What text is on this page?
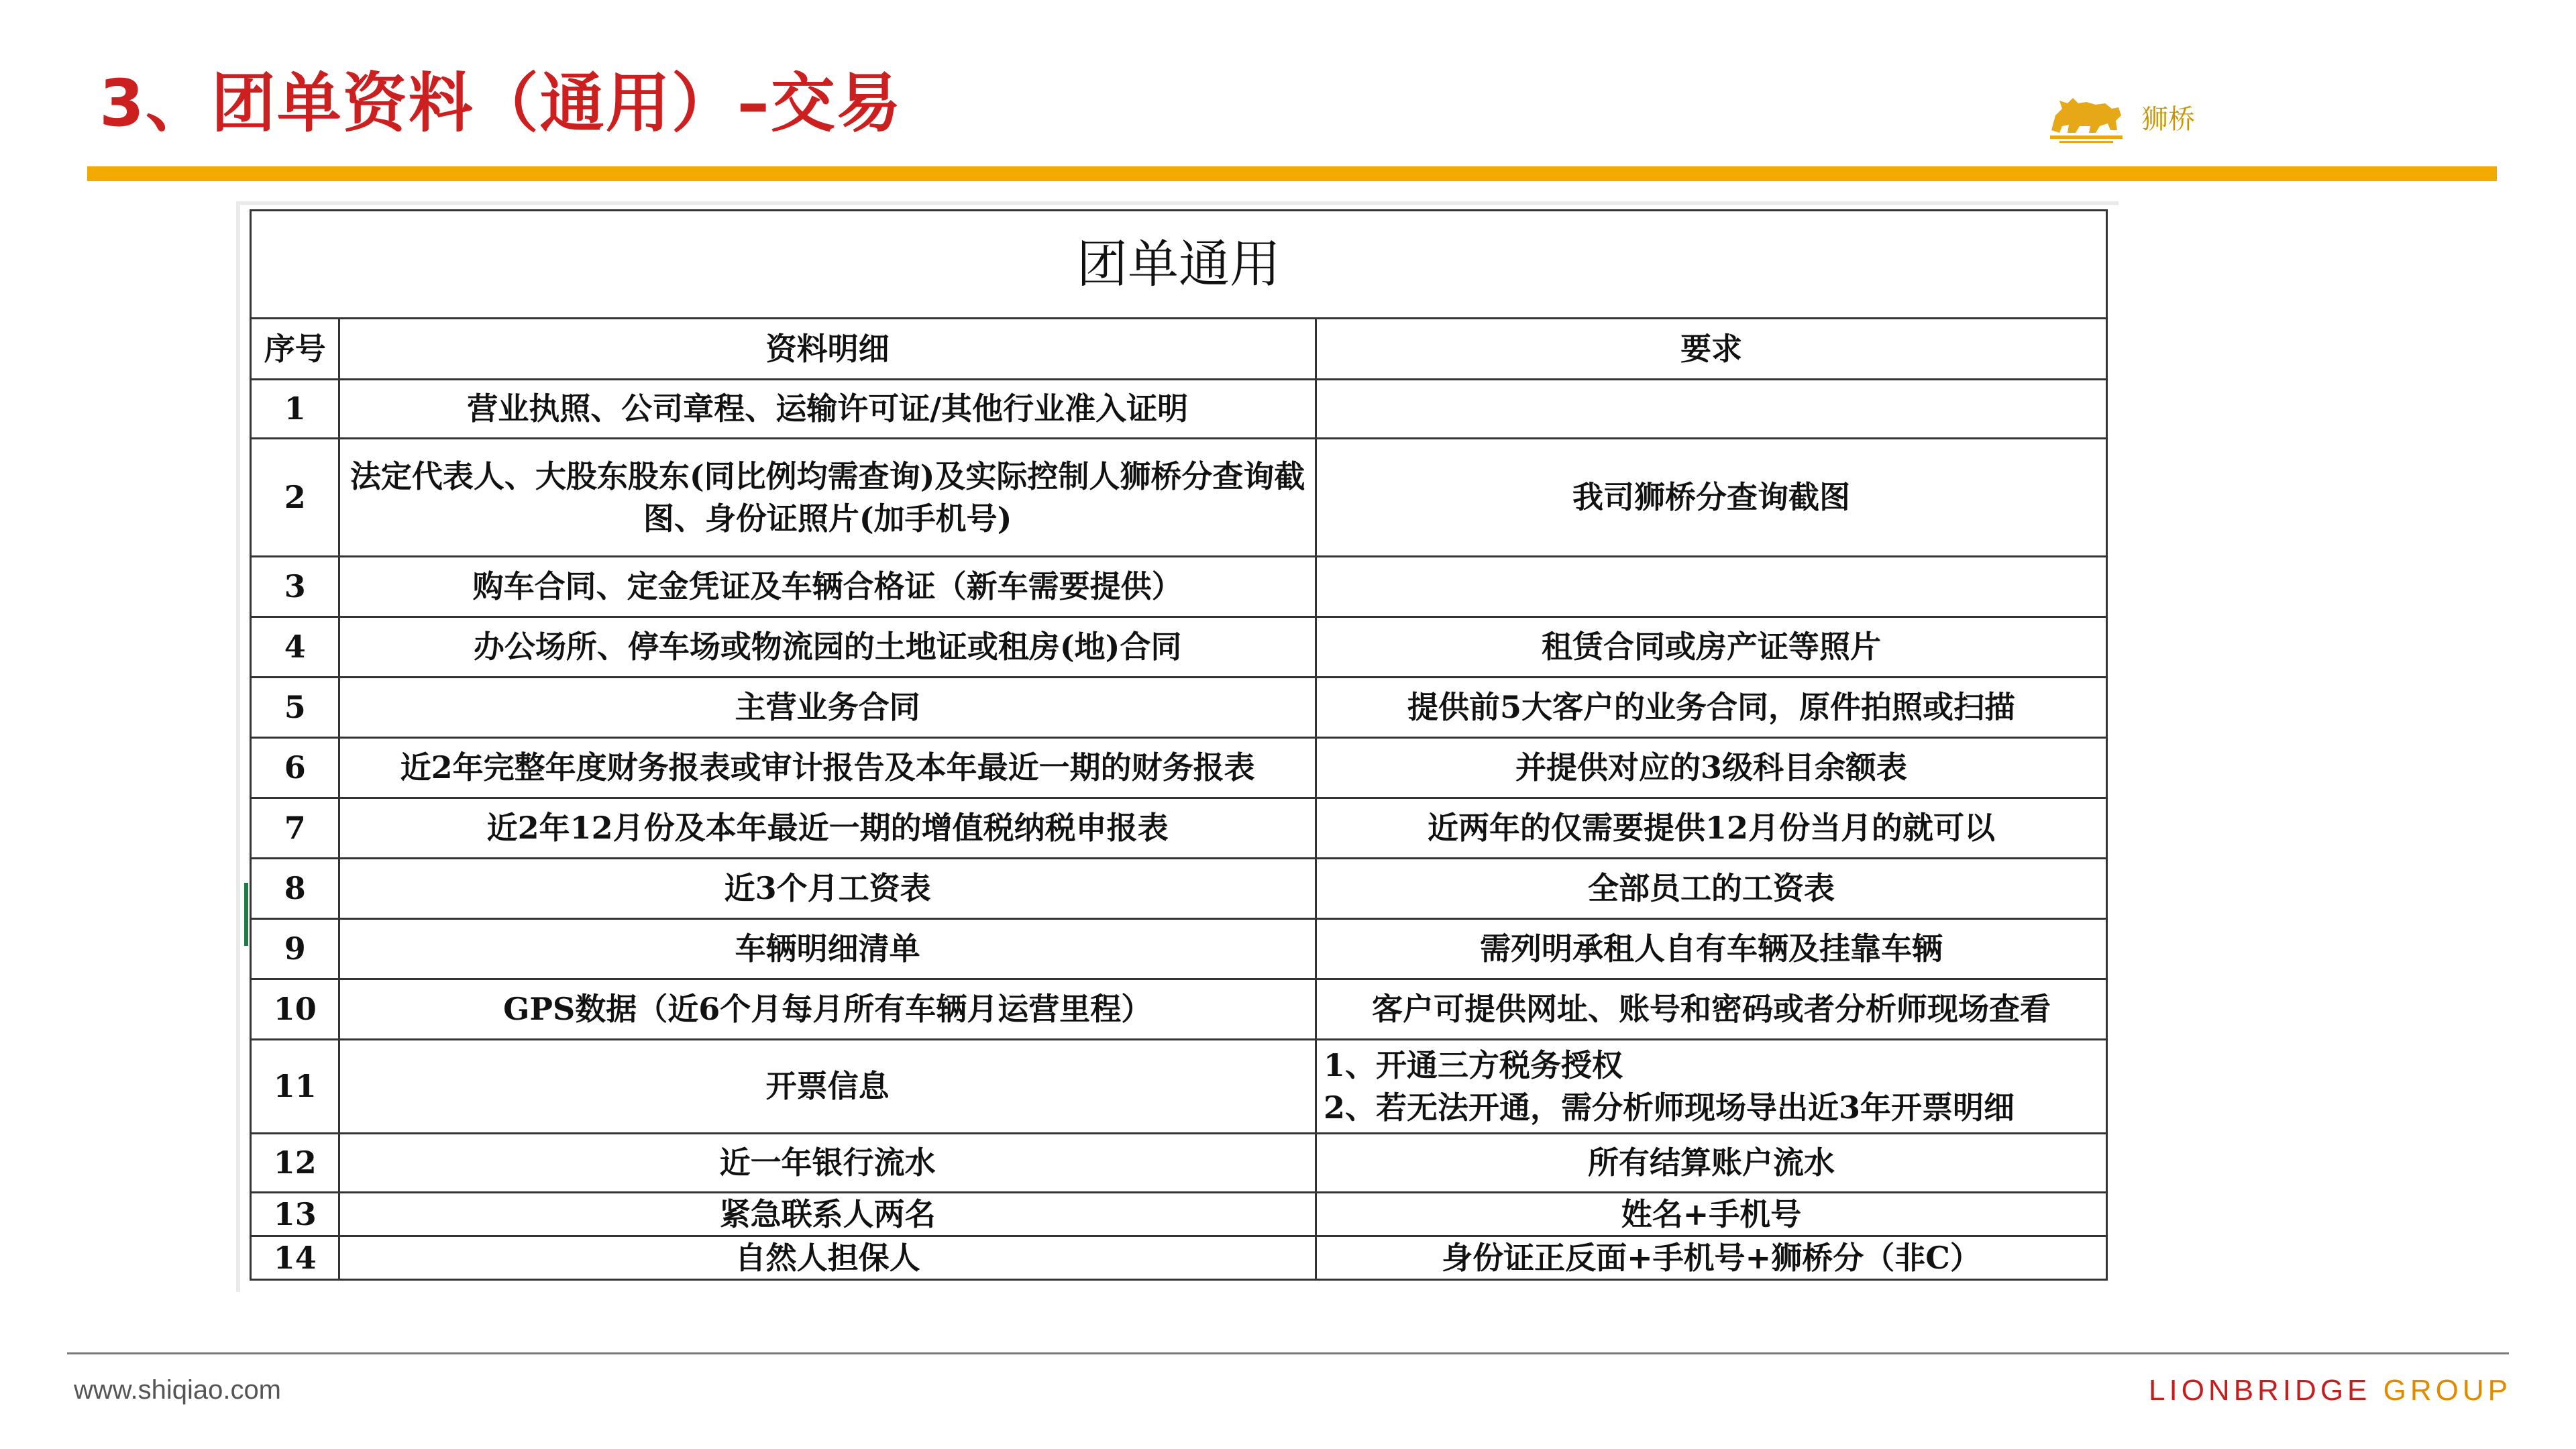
3、团单资料（通用）–交易	狮桥
团单通用		
序号	资料明细	要求
1	营业执照、公司章程、运输许可证/其他行业准入证明	
2	法定代表人、大股东股东(同比例均需查询)及实际控制人狮桥分查询截图、身份证照片(加手机号)	我司狮桥分查询截图
3	购车合同、定金凭证及车辆合格证（新车需要提供）	
4	办公场所、停车场或物流园的土地证或租房(地)合同	租赁合同或房产证等照片
5	主营业务合同	提供前5大客户的业务合同，原件拍照或扫描
6	近2年完整年度财务报表或审计报告及本年最近一期的财务报表	并提供对应的3级科目余额表
7	近2年12月份及本年最近一期的增值税纳税申报表	近两年的仅需要提供12月份当月的就可以
8	近3个月工资表	全部员工的工资表
9	车辆明细清单	需列明承租人自有车辆及挂靠车辆
10	GPS数据（近6个月每月所有车辆月运营里程）	客户可提供网址、账号和密码或者分析师现场查看
11	开票信息	1、开通三方税务授权
2、若无法开通，需分析师现场导出近3年开票明细

12	近一年银行流水	所有结算账户流水
13	紧急联系人两名	姓名+手机号
14	自然人担保人	身份证正反面+手机号+狮桥分（非C）
www.shiqiao.com	LIONBRIDGE GROUP
